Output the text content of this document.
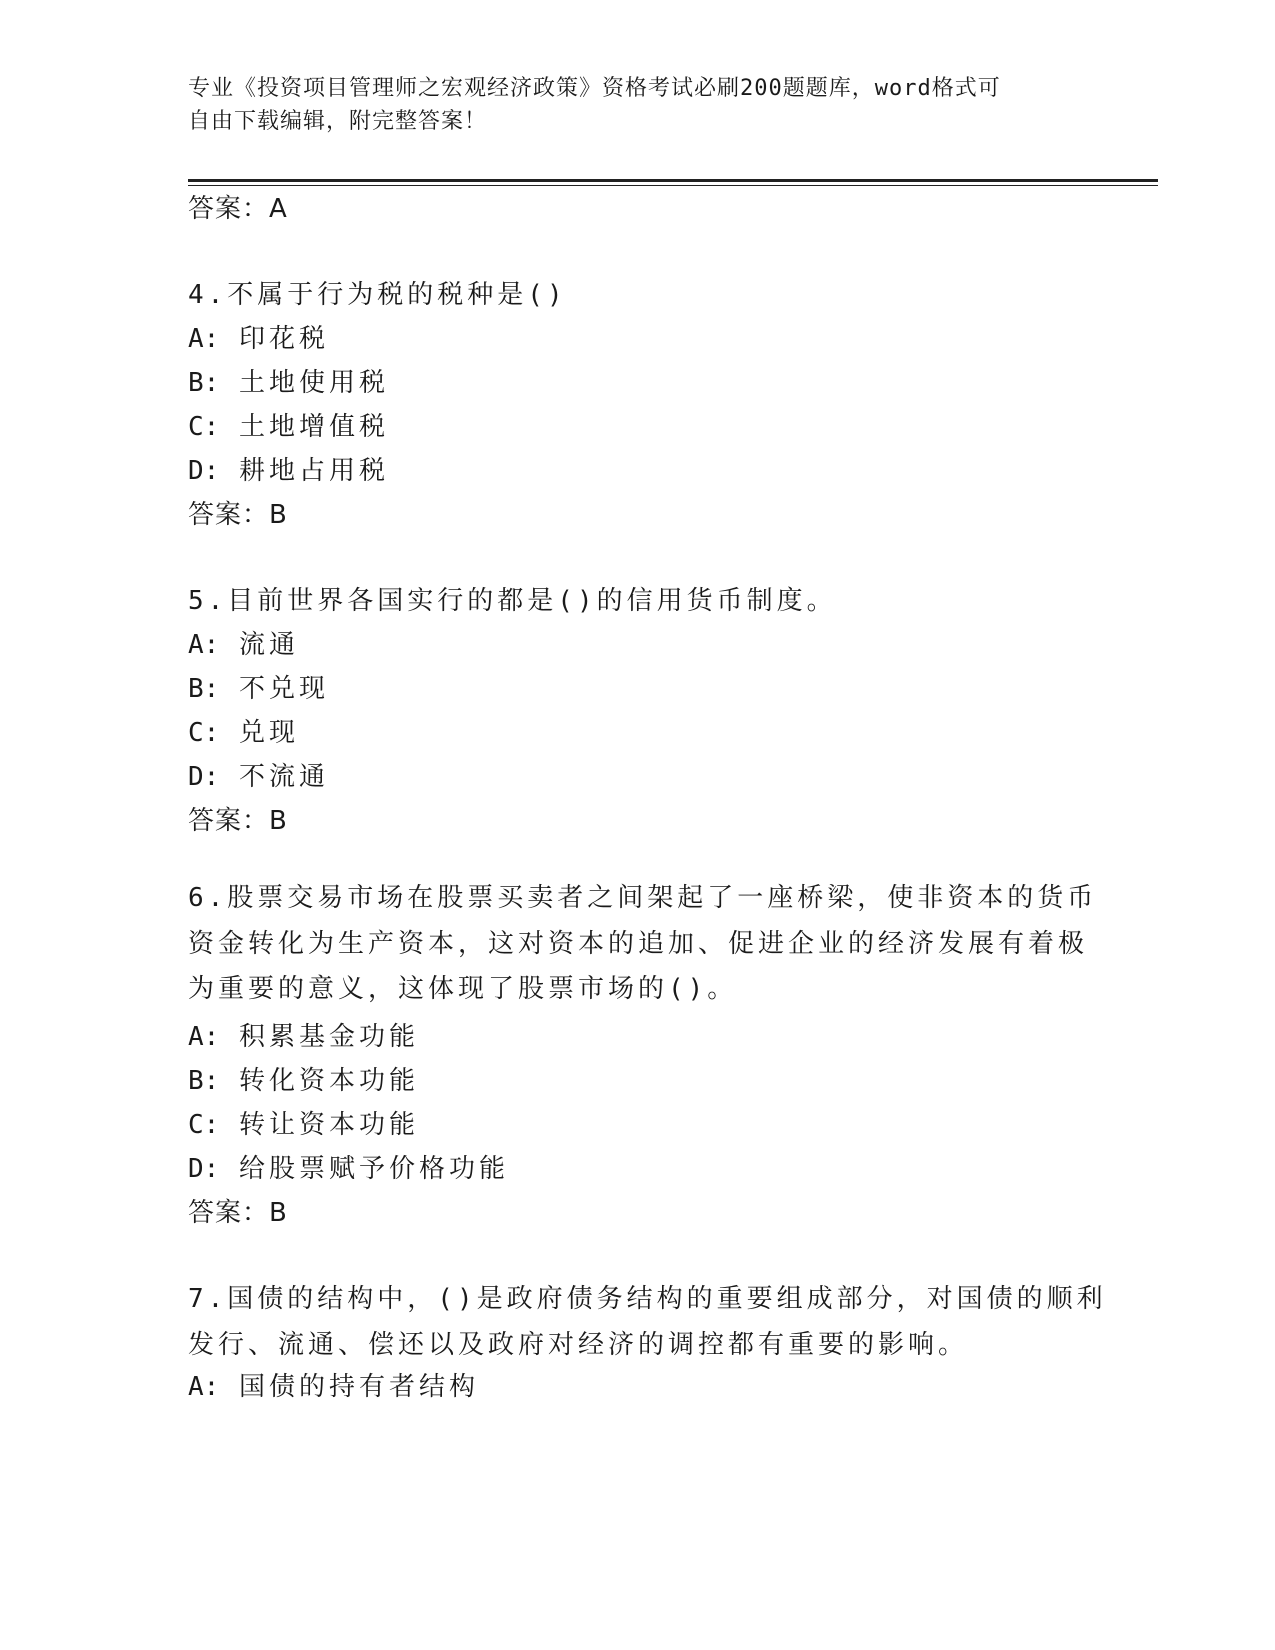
专业《投资项目管理师之宏观经济政策》资格考试必刷200题题库，word格式可
自由下载编辑，附完整答案！

答案：A

4.不属于行为税的税种是()

A: 印花税

B: 土地使用税

C: 土地增值税

D: 耕地占用税

答案：B

5.目前世界各国实行的都是()的信用货币制度。

A: 流通

B: 不兑现

C: 兑现

D: 不流通

答案：B

6.股票交易市场在股票买卖者之间架起了一座桥梁，使非资本的货币
资金转化为生产资本，这对资本的追加、促进企业的经济发展有着极
为重要的意义，这体现了股票市场的()。

A: 积累基金功能

B: 转化资本功能

C: 转让资本功能

D: 给股票赋予价格功能

答案：B

7.国债的结构中，()是政府债务结构的重要组成部分，对国债的顺利
发行、流通、偿还以及政府对经济的调控都有重要的影响。

A: 国债的持有者结构
